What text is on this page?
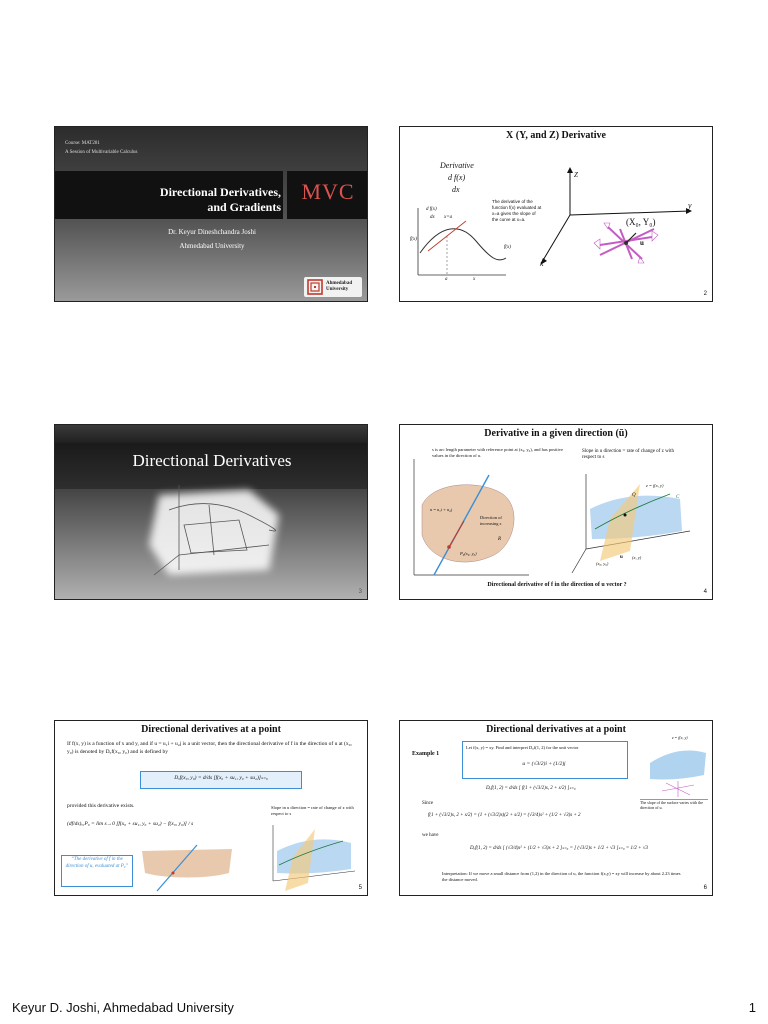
Course: MAT281
A Session of Multivariable Calculus
Directional Derivatives,
and Gradients
MVC
Dr. Keyur Dineshchandra Joshi
Ahmedabad University
Ahmedabad University
X (Y, and Z) Derivative
Derivative
d f(x)
dx
The derivative of the function f(x) evaluated at x=a gives the slope of the curve at x=a.
f(x)
f(x)
d f(x)
dx x=a
a	x
Z
y
x
(X₀, Y₀)
u
2
Directional Derivatives
3
Derivative in a given direction (ū)
s is arc length parameter with reference point at (x₀, y₀), and has positive values in the direction of u.
u = u₁i + u₂j
Direction of increasing s
R
P₀(x₀, y₀)
Slope in u direction = rate of change of z with respect to s
z = f(x, y)
C
Q
(x₀, y₀)
(x, y)
u
Directional derivative of f in the direction of u vector ?
4
Directional derivatives at a point
If f(x, y) is a function of x and y, and if u = u₁i + u₂j is a unit vector, then the directional derivative of f in the direction of u at (x₀, y₀) is denoted by Dᵤf(x₀, y₀) and is defined by
Dᵤf(x₀, y₀) = d/ds [f(x₀ + su₁, y₀ + su₂)]ₛ₌₀
provided this derivative exists.
(df/ds)ᵤ,P₀ = lim s→0 [f(x₀ + su₁, y₀ + su₂) − f(x₀, y₀)] / s
“The derivative of f in the direction of u, evaluated at P₀”
Slope in u direction = rate of change of z with respect to s
5
Directional derivatives at a point
Example 1
Let f(x, y) = xy. Find and interpret Dᵤf(1, 2) for the unit vector
u = (√3/2)i + (1/2)j
Dᵤf(1, 2) = d/ds [ f(1 + (√3/2)s, 2 + s/2) ]ₛ₌₀
Since
f(1 + (√3/2)s, 2 + s/2) = (1 + (√3/2)s)(2 + s/2) = (√3/4)s² + (1/2 + √3)s + 2
we have
Dᵤf(1, 2) = d/ds [ (√3/4)s² + (1/2 + √3)s + 2 ]ₛ₌₀ = [ (√3/2)s + 1/2 + √3 ]ₛ₌₀ = 1/2 + √3
Interpretation: If we move a small distance from (1,2) in the direction of u, the function f(x,y) = xy will increase by about 2.23 times the distance moved.
z = f(x, y)
The slope of the surface varies with the direction of u.
6
Keyur D. Joshi, Ahmedabad University	1
